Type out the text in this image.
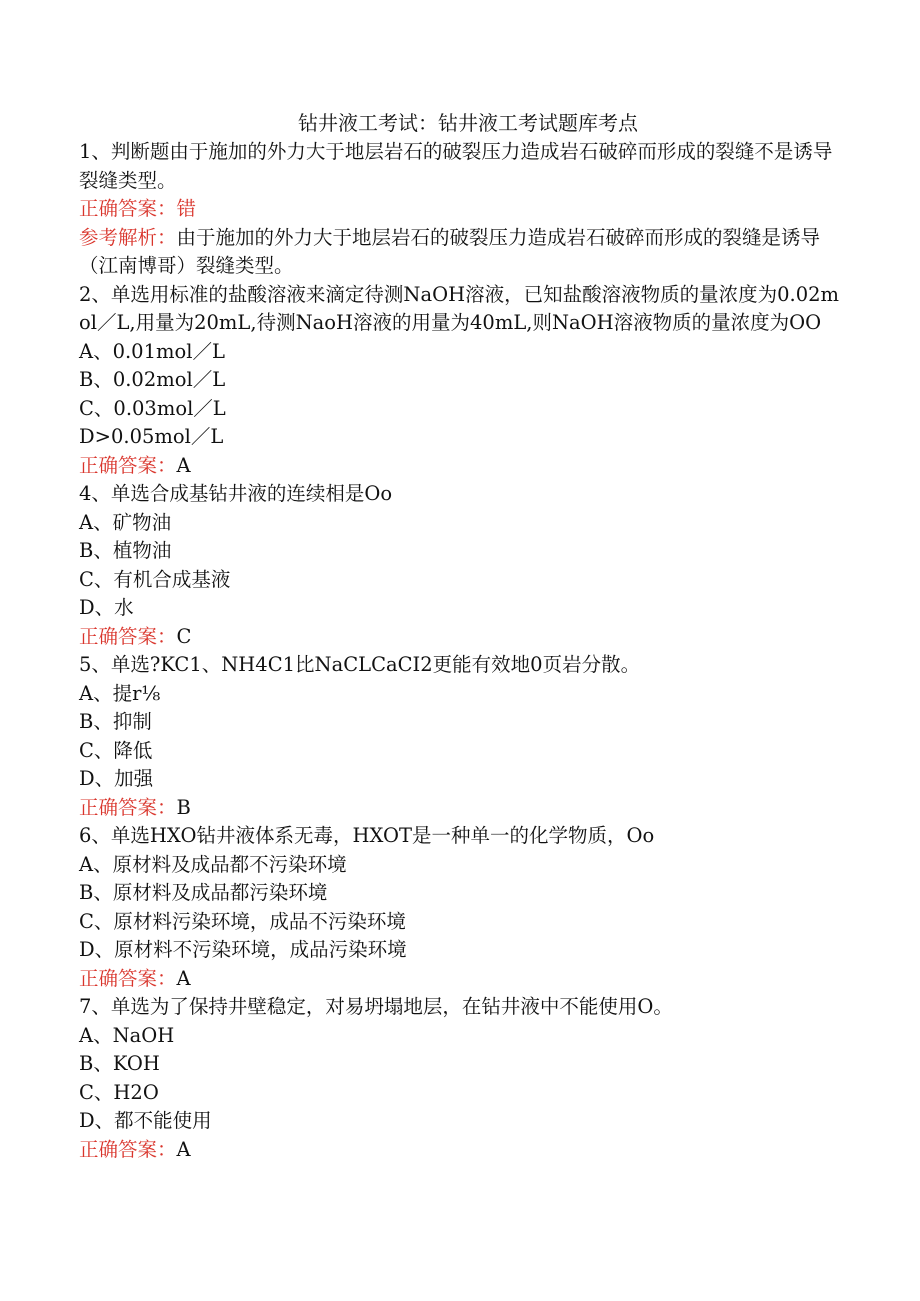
钻井液工考试：钻井液工考试题库考点
1、判断题由于施加的外力大于地层岩石的破裂压力造成岩石破碎而形成的裂缝不是诱导裂缝类型。
正确答案：错
参考解析：由于施加的外力大于地层岩石的破裂压力造成岩石破碎而形成的裂缝是诱导（江南博哥）裂缝类型。
2、单选用标准的盐酸溶液来滴定待测NaOH溶液，已知盐酸溶液物质的量浓度为0.02mol／L,用量为20mL,待测NaoH溶液的用量为40mL,则NaOH溶液物质的量浓度为OO
A、0.01mol／L
B、0.02mol／L
C、0.03mol／L
D>0.05mol／L
正确答案：A
4、单选合成基钻井液的连续相是Oo
A、矿物油
B、植物油
C、有机合成基液
D、水
正确答案：C
5、单选?KC1、NH4C1比NaCLCaCI2更能有效地0页岩分散。
A、提r⅛
B、抑制
C、降低
D、加强
正确答案：B
6、单选HXO钻井液体系无毒，HXOT是一种单一的化学物质，Oo
A、原材料及成品都不污染环境
B、原材料及成品都污染环境
C、原材料污染环境，成品不污染环境
D、原材料不污染环境，成品污染环境
正确答案：A
7、单选为了保持井壁稳定，对易坍塌地层，在钻井液中不能使用O。
A、NaOH
B、KOH
C、H2O
D、都不能使用
正确答案：A
